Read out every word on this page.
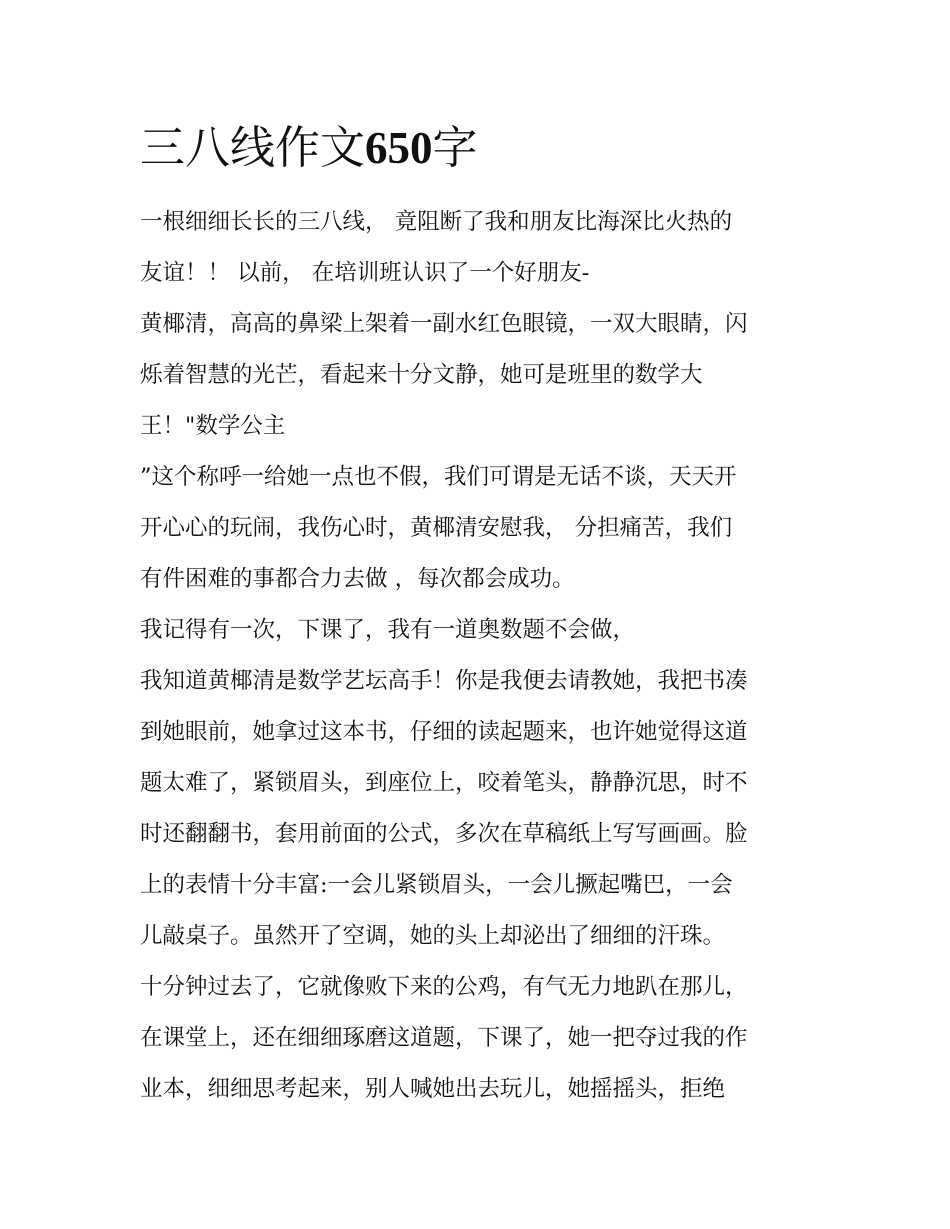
三八线作文650字
一根细细长长的三八线， 竟阻断了我和朋友比海深比火热的
友谊！！ 以前， 在培训班认识了一个好朋友-
黄椰清，高高的鼻梁上架着一副水红色眼镜，一双大眼睛，闪
烁着智慧的光芒，看起来十分文静，她可是班里的数学大
王！"数学公主
”这个称呼一给她一点也不假，我们可谓是无话不谈，天天开
开心心的玩闹，我伤心时，黄椰清安慰我， 分担痛苦，我们
有件困难的事都合力去做 ，每次都会成功。
我记得有一次，下课了，我有一道奥数题不会做，
我知道黄椰清是数学艺坛高手！你是我便去请教她，我把书凑
到她眼前，她拿过这本书，仔细的读起题来，也许她觉得这道
题太难了，紧锁眉头，到座位上，咬着笔头，静静沉思，时不
时还翻翻书，套用前面的公式，多次在草稿纸上写写画画。脸
上的表情十分丰富:一会儿紧锁眉头，一会儿撅起嘴巴，一会
儿敲桌子。虽然开了空调，她的头上却泌出了细细的汗珠。
十分钟过去了，它就像败下来的公鸡，有气无力地趴在那儿，
在课堂上，还在细细琢磨这道题，下课了，她一把夺过我的作
业本，细细思考起来，别人喊她出去玩儿，她摇摇头，拒绝
